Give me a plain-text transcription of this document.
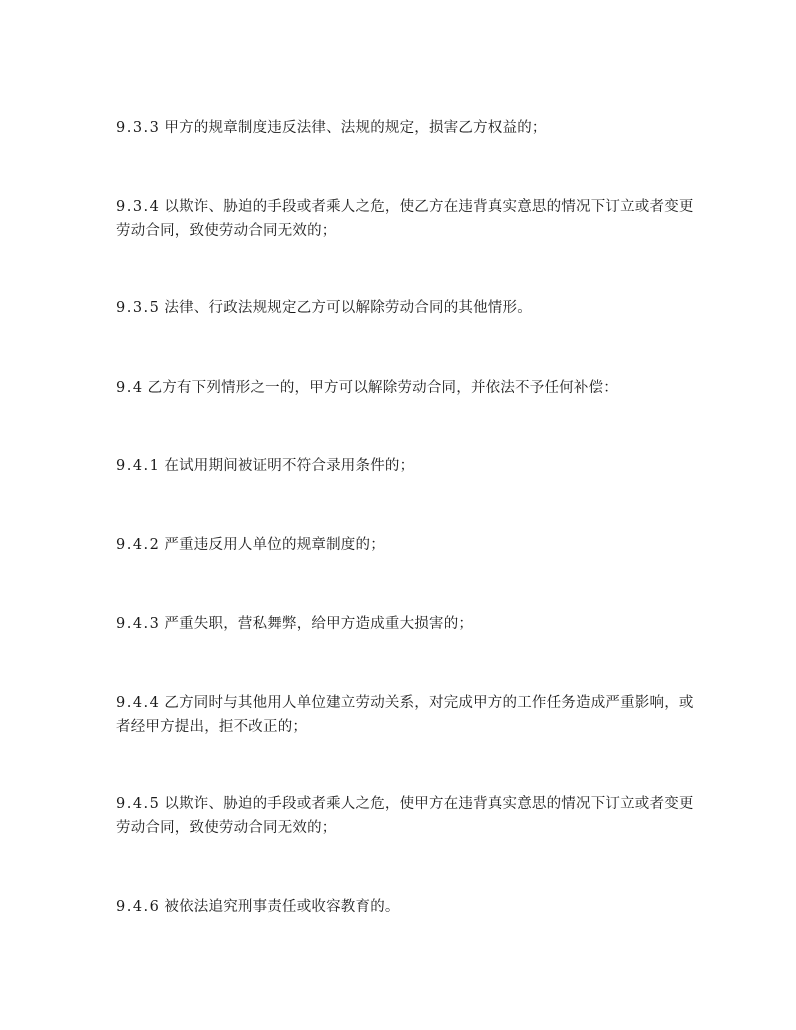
9.3.3 甲方的规章制度违反法律、法规的规定，损害乙方权益的；

9.3.4 以欺诈、胁迫的手段或者乘人之危，使乙方在违背真实意思的情况下订立或者变更劳动合同，致使劳动合同无效的；

9.3.5 法律、行政法规规定乙方可以解除劳动合同的其他情形。

9.4 乙方有下列情形之一的，甲方可以解除劳动合同，并依法不予任何补偿：

9.4.1 在试用期间被证明不符合录用条件的；

9.4.2 严重违反用人单位的规章制度的；

9.4.3 严重失职，营私舞弊，给甲方造成重大损害的；

9.4.4 乙方同时与其他用人单位建立劳动关系，对完成甲方的工作任务造成严重影响，或者经甲方提出，拒不改正的；

9.4.5 以欺诈、胁迫的手段或者乘人之危，使甲方在违背真实意思的情况下订立或者变更劳动合同，致使劳动合同无效的；

9.4.6 被依法追究刑事责任或收容教育的。
